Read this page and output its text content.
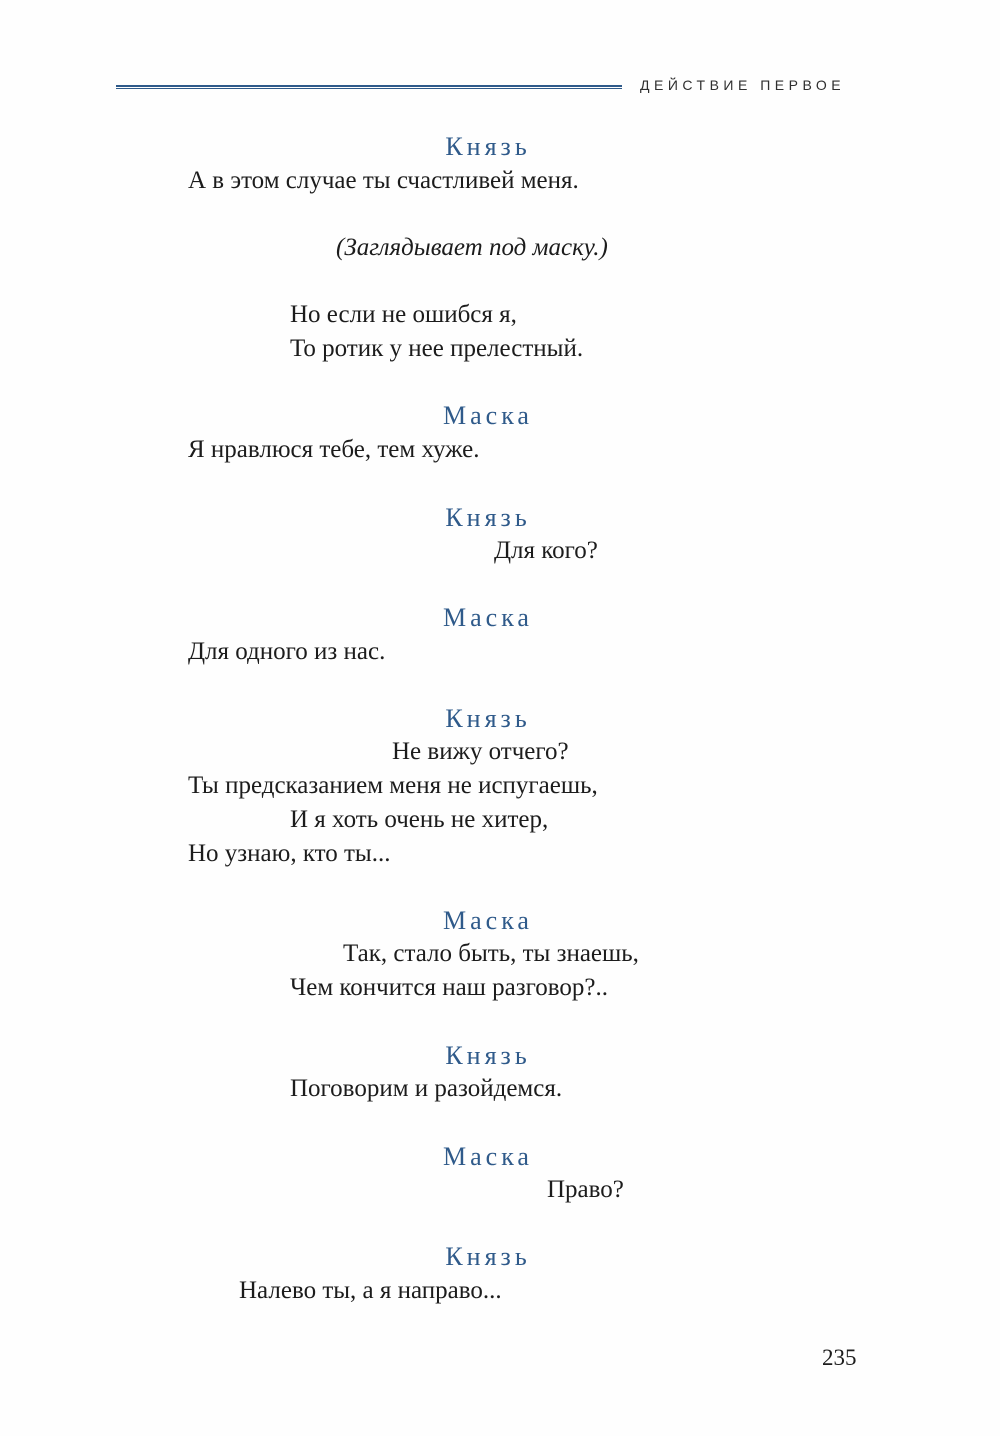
ДЕЙСТВИЕ ПЕРВОЕ
Князь
А в этом случае ты счастливей меня.
(Заглядывает под маску.)
Но если не ошибся я,
То ротик у нее прелестный.
Маска
Я нравлюся тебе, тем хуже.
Князь
Для кого?
Маска
Для одного из нас.
Князь
Не вижу отчего?
Ты предсказанием меня не испугаешь,
И я хоть очень не хитер,
Но узнаю, кто ты...
Маска
Так, стало быть, ты знаешь,
Чем кончится наш разговор?..
Князь
Поговорим и разойдемся.
Маска
Право?
Князь
Налево ты, а я направо...
235
